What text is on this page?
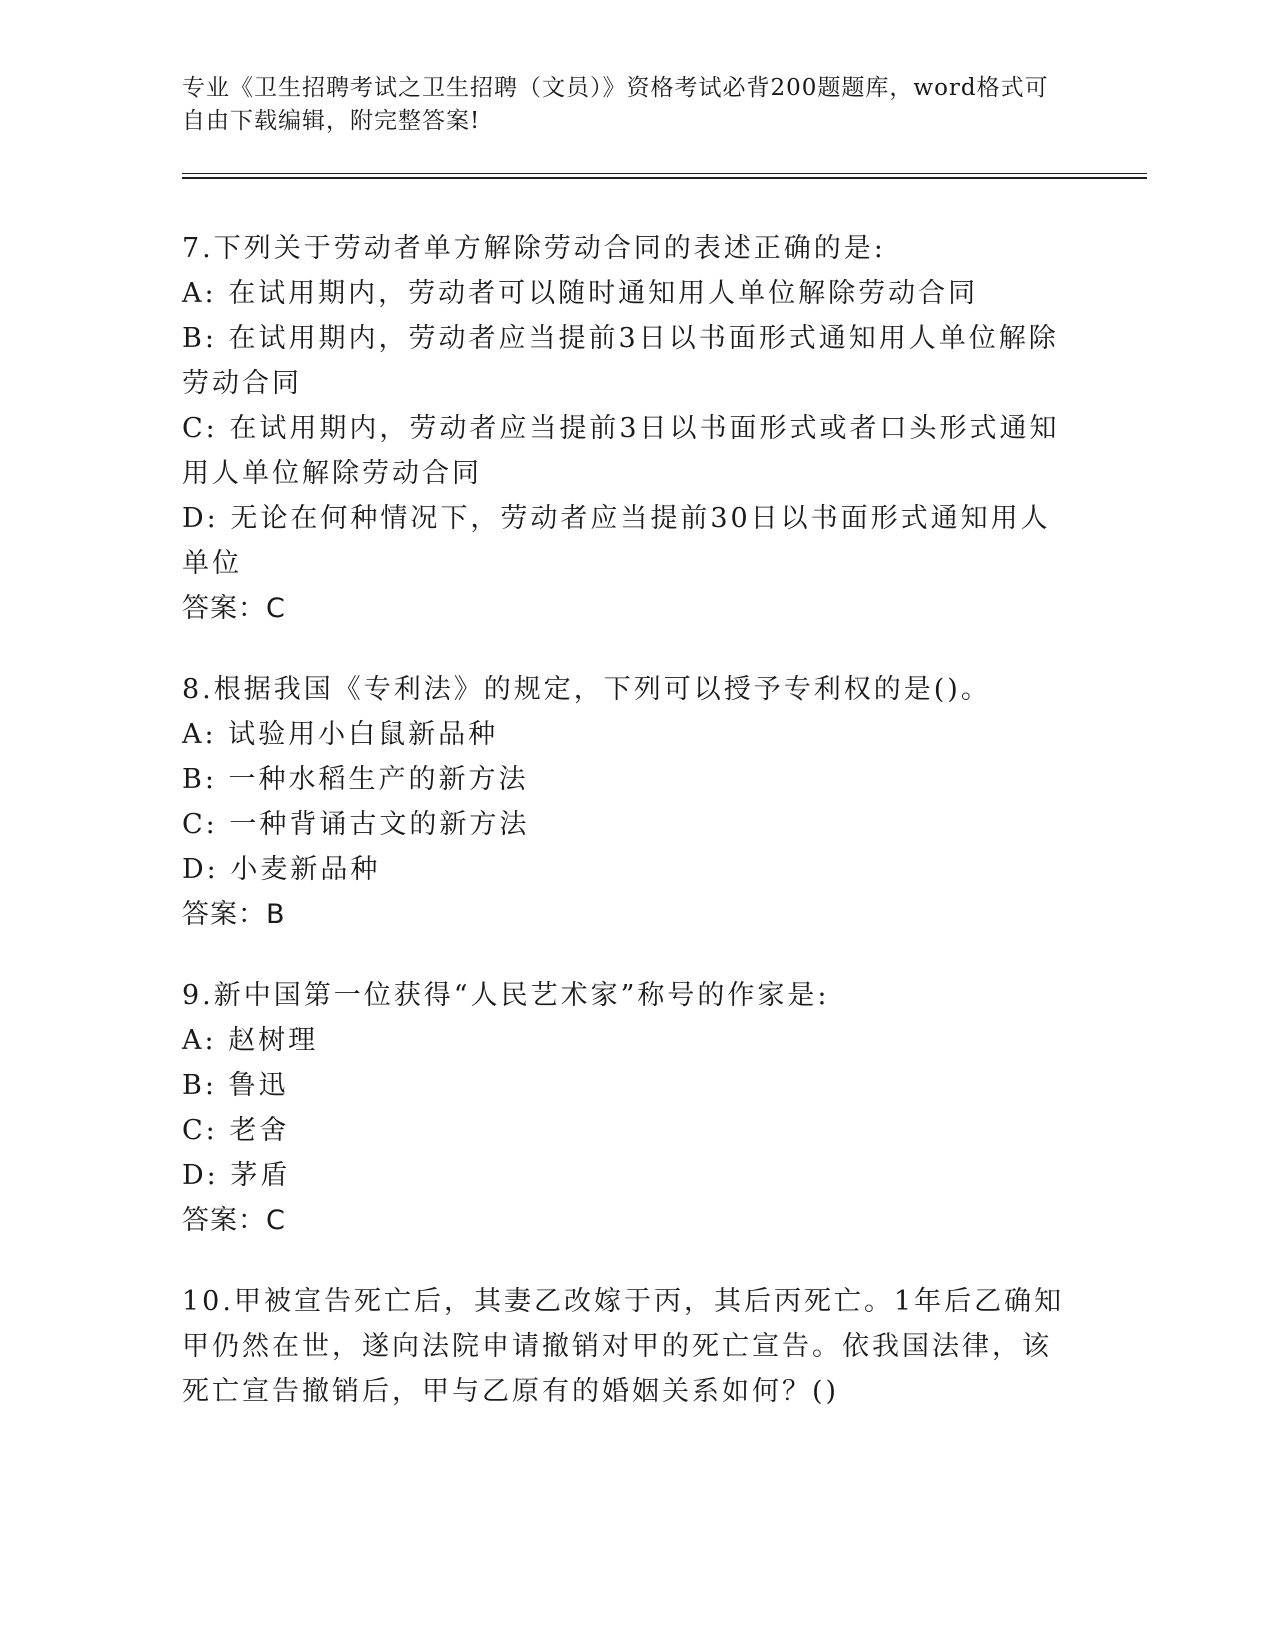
专业《卫生招聘考试之卫生招聘（文员）》资格考试必背200题题库，word格式可自由下载编辑，附完整答案!

7.下列关于劳动者单方解除劳动合同的表述正确的是:

A: 在试用期内，劳动者可以随时通知用人单位解除劳动合同

B: 在试用期内，劳动者应当提前3日以书面形式通知用人单位解除劳动合同

C: 在试用期内，劳动者应当提前3日以书面形式或者口头形式通知用人单位解除劳动合同

D: 无论在何种情况下，劳动者应当提前30日以书面形式通知用人单位

答案：C

8.根据我国《专利法》的规定，下列可以授予专利权的是()。

A: 试验用小白鼠新品种

B: 一种水稻生产的新方法

C: 一种背诵古文的新方法

D: 小麦新品种

答案：B

9.新中国第一位获得“人民艺术家”称号的作家是:

A: 赵树理

B: 鲁迅

C: 老舍

D: 茅盾

答案：C

10.甲被宣告死亡后，其妻乙改嫁于丙，其后丙死亡。1年后乙确知甲仍然在世，遂向法院申请撤销对甲的死亡宣告。依我国法律，该死亡宣告撤销后，甲与乙原有的婚姻关系如何？()
